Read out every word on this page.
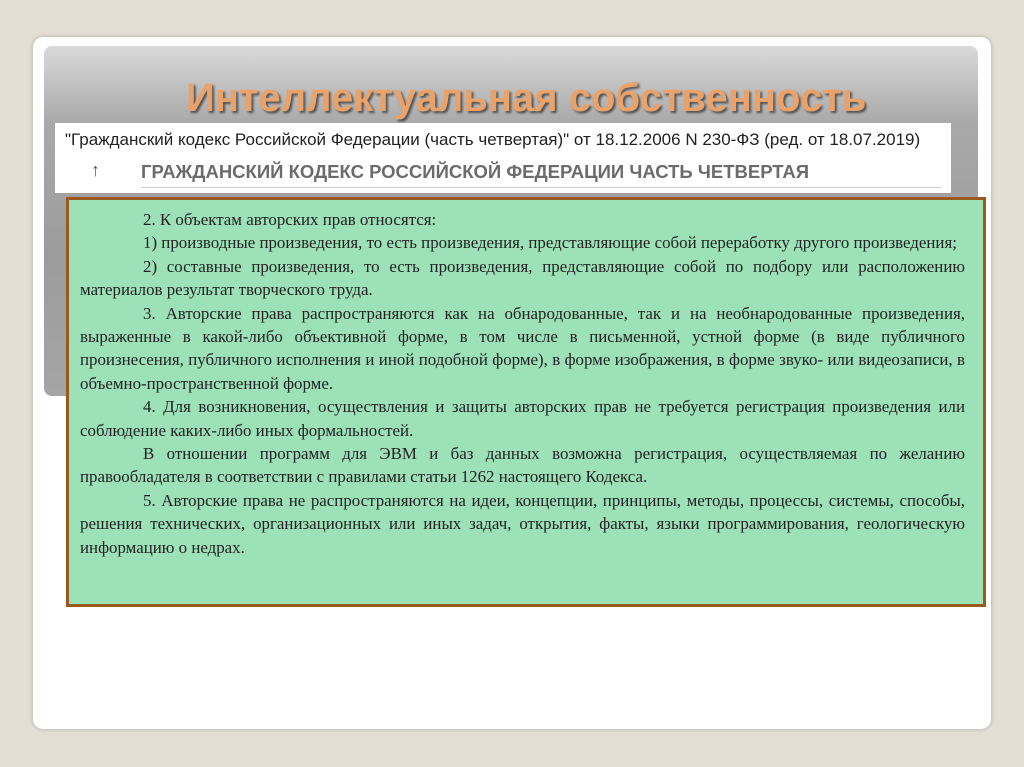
Интеллектуальная собственность
"Гражданский кодекс Российской Федерации (часть четвертая)" от 18.12.2006 N 230-ФЗ (ред. от 18.07.2019)
↑ ГРАЖДАНСКИЙ КОДЕКС РОССИЙСКОЙ ФЕДЕРАЦИИ ЧАСТЬ ЧЕТВЕРТАЯ

2. К объектам авторских прав относятся:

1) производные произведения, то есть произведения, представляющие собой переработку другого произведения;

2) составные произведения, то есть произведения, представляющие собой по подбору или расположению материалов результат творческого труда.

3. Авторские права распространяются как на обнародованные, так и на необнародованные произведения, выраженные в какой-либо объективной форме, в том числе в письменной, устной форме (в виде публичного произнесения, публичного исполнения и иной подобной форме), в форме изображения, в форме звуко- или видеозаписи, в объемно-пространственной форме.

4. Для возникновения, осуществления и защиты авторских прав не требуется регистрация произведения или соблюдение каких-либо иных формальностей.

В отношении программ для ЭВМ и баз данных возможна регистрация, осуществляемая по желанию правообладателя в соответствии с правилами статьи 1262 настоящего Кодекса.

5. Авторские права не распространяются на идеи, концепции, принципы, методы, процессы, системы, способы, решения технических, организационных или иных задач, открытия, факты, языки программирования, геологическую информацию о недрах.
